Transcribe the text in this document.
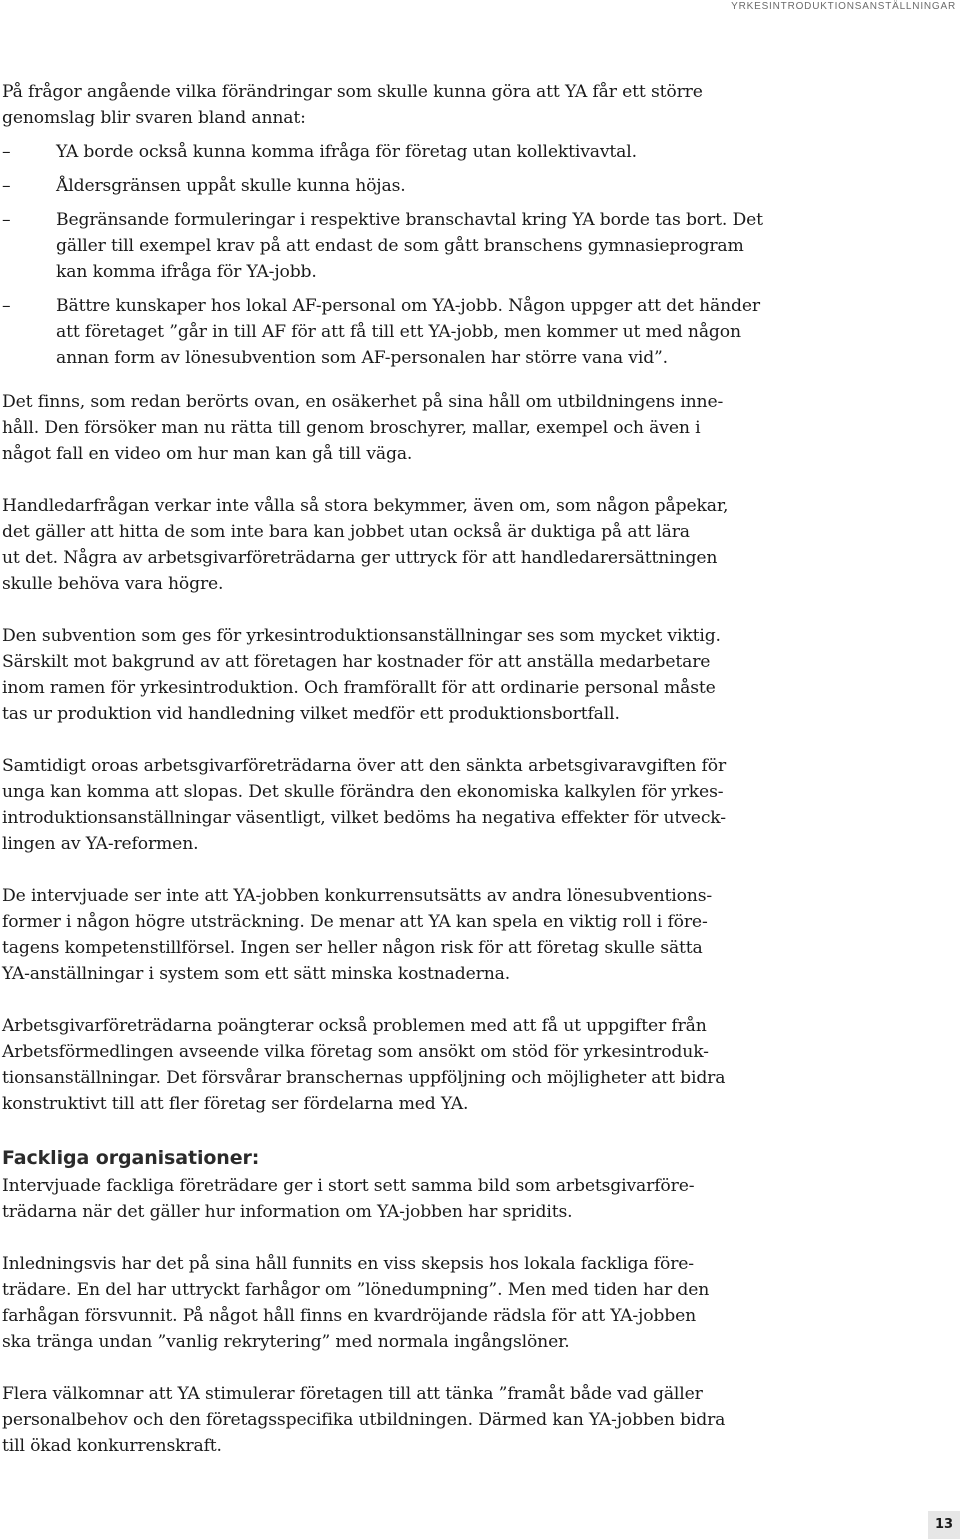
YRKESINTRODUKTIONSANSTÄLLNINGAR

På frågor angående vilka förändringar som skulle kunna göra att YA får ett större
genomslag blir svaren bland annat:

–	YA borde också kunna komma ifråga för företag utan kollektivavtal.
–	Åldersgränsen uppåt skulle kunna höjas.
–	Begränsande formuleringar i respektive branschavtal kring YA borde tas bort. Det
gäller till exempel krav på att endast de som gått branschens gymnasieprogram
kan komma ifråga för YA-jobb.
–	Bättre kunskaper hos lokal AF-personal om YA-jobb. Någon uppger att det händer
att företaget ”går in till AF för att få till ett YA-jobb, men kommer ut med någon
annan form av lönesubvention som AF-personalen har större vana vid”.

Det finns, som redan berörts ovan, en osäkerhet på sina håll om utbildningens inne-
håll. Den försöker man nu rätta till genom broschyrer, mallar, exempel och även i
något fall en video om hur man kan gå till väga.

Handledarfrågan verkar inte vålla så stora bekymmer, även om, som någon påpekar,
det gäller att hitta de som inte bara kan jobbet utan också är duktiga på att lära
ut det. Några av arbetsgivarföreträdarna ger uttryck för att handledarersättningen
skulle behöva vara högre.

Den subvention som ges för yrkesintroduktionsanställningar ses som mycket viktig.
Särskilt mot bakgrund av att företagen har kostnader för att anställa medarbetare
inom ramen för yrkesintroduktion. Och framförallt för att ordinarie personal måste
tas ur produktion vid handledning vilket medför ett produktionsbortfall.

Samtidigt oroas arbetsgivarföreträdarna över att den sänkta arbetsgivaravgiften för
unga kan komma att slopas. Det skulle förändra den ekonomiska kalkylen för yrkes-
introduktionsanställningar väsentligt, vilket bedöms ha negativa effekter för utveck-
lingen av YA-reformen.

De intervjuade ser inte att YA-jobben konkurrensutsätts av andra lönesubventions-
former i någon högre utsträckning. De menar att YA kan spela en viktig roll i före-
tagens kompetenstillförsel. Ingen ser heller någon risk för att företag skulle sätta
YA-anställningar i system som ett sätt minska kostnaderna.

Arbetsgivarföreträdarna poängterar också problemen med att få ut uppgifter från
Arbetsförmedlingen avseende vilka företag som ansökt om stöd för yrkesintroduk-
tionsanställningar. Det försvårar branschernas uppföljning och möjligheter att bidra
konstruktivt till att fler företag ser fördelarna med YA.

Fackliga organisationer:

Intervjuade fackliga företrädare ger i stort sett samma bild som arbetsgivarföre-
trädarna när det gäller hur information om YA-jobben har spridits.

Inledningsvis har det på sina håll funnits en viss skepsis hos lokala fackliga före-
trädare. En del har uttryckt farhågor om ”lönedumpning”. Men med tiden har den
farhågan försvunnit. På något håll finns en kvardröjande rädsla för att YA-jobben
ska tränga undan ”vanlig rekrytering” med normala ingångslöner.

Flera välkomnar att YA stimulerar företagen till att tänka ”framåt både vad gäller
personalbehov och den företagsspecifika utbildningen. Därmed kan YA-jobben bidra
till ökad konkurrenskraft.

13
